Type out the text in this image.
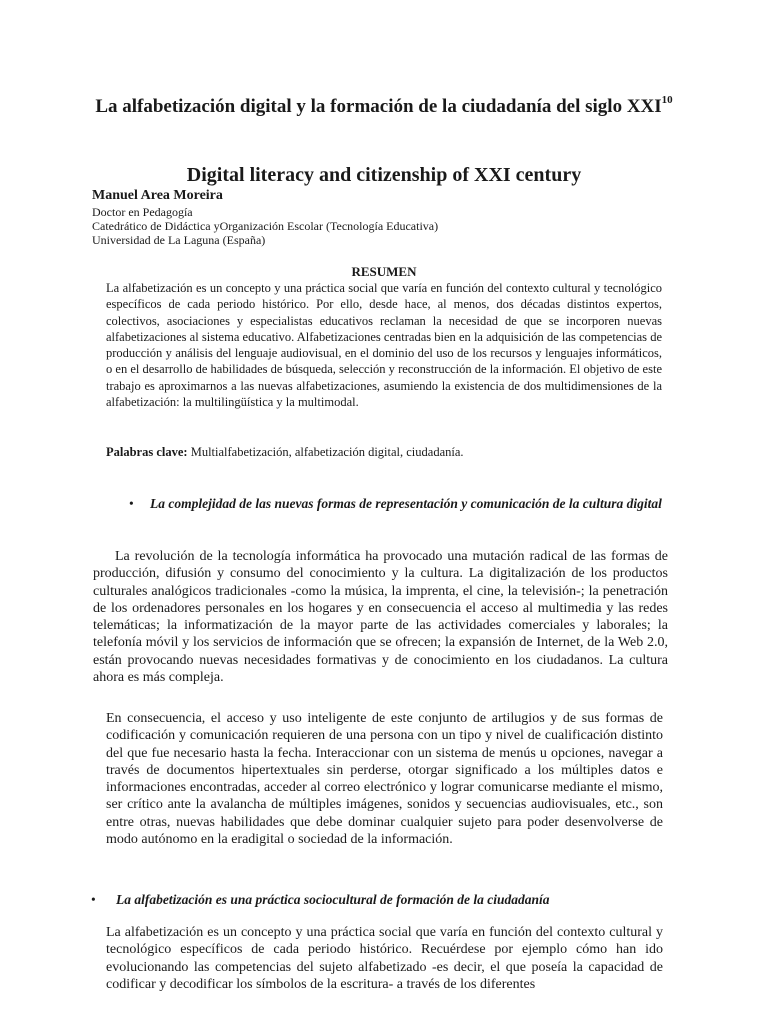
La alfabetización digital y la formación de la ciudadanía del siglo XXI$^{10}$
Digital literacy and citizenship of XXI century
Manuel Area Moreira
Doctor en Pedagogía
Catedrático de Didáctica yOrganización Escolar (Tecnología Educativa)
Universidad de La Laguna (España)
RESUMEN

La alfabetización es un concepto y una práctica social que varía en función del contexto cultural y tecnológico específicos de cada periodo histórico. Por ello, desde hace, al menos, dos décadas distintos expertos, colectivos, asociaciones y especialistas educativos reclaman la necesidad de que se incorporen nuevas alfabetizaciones al sistema educativo. Alfabetizaciones centradas bien en la adquisición de las competencias de producción y análisis del lenguaje audiovisual, en el dominio del uso de los recursos y lenguajes informáticos, o en el desarrollo de habilidades de búsqueda, selección y reconstrucción de la información. El objetivo de este trabajo es aproximarnos a las nuevas alfabetizaciones, asumiendo la existencia de dos multidimensiones de la alfabetización: la multilingüística y la multimodal.

Palabras clave: Multialfabetización, alfabetización digital, ciudadanía.

• La complejidad de las nuevas formas de representación y comunicación de la cultura digital

La revolución de la tecnología informática ha provocado una mutación radical de las formas de producción, difusión y consumo del conocimiento y la cultura. La digitalización de los productos culturales analógicos tradicionales -como la música, la imprenta, el cine, la televisión-; la penetración de los ordenadores personales en los hogares y en consecuencia el acceso al multimedia y las redes telemáticas; la informatización de la mayor parte de las actividades comerciales y laborales; la telefonía móvil y los servicios de información que se ofrecen; la expansión de Internet, de la Web 2.0, están provocando nuevas necesidades formativas y de conocimiento en los ciudadanos. La cultura ahora es más compleja.

En consecuencia, el acceso y uso inteligente de este conjunto de artilugios y de sus formas de codificación y comunicación requieren de una persona con un tipo y nivel de cualificación distinto del que fue necesario hasta la fecha. Interaccionar con un sistema de menús u opciones, navegar a través de documentos hipertextuales sin perderse, otorgar significado a los múltiples datos e informaciones encontradas, acceder al correo electrónico y lograr comunicarse mediante el mismo, ser crítico ante la avalancha de múltiples imágenes, sonidos y secuencias audiovisuales, etc., son entre otras, nuevas habilidades que debe dominar cualquier sujeto para poder desenvolverse de modo autónomo en la eradigital o sociedad de la información.

• La alfabetización es una práctica sociocultural de formación de la ciudadanía

La alfabetización es un concepto y una práctica social que varía en función del contexto cultural y tecnológico específicos de cada periodo histórico. Recuérdese por ejemplo cómo han ido evolucionando las competencias del sujeto alfabetizado -es decir, el que poseía la capacidad de codificar y decodificar los símbolos de la escritura- a través de los diferentes
